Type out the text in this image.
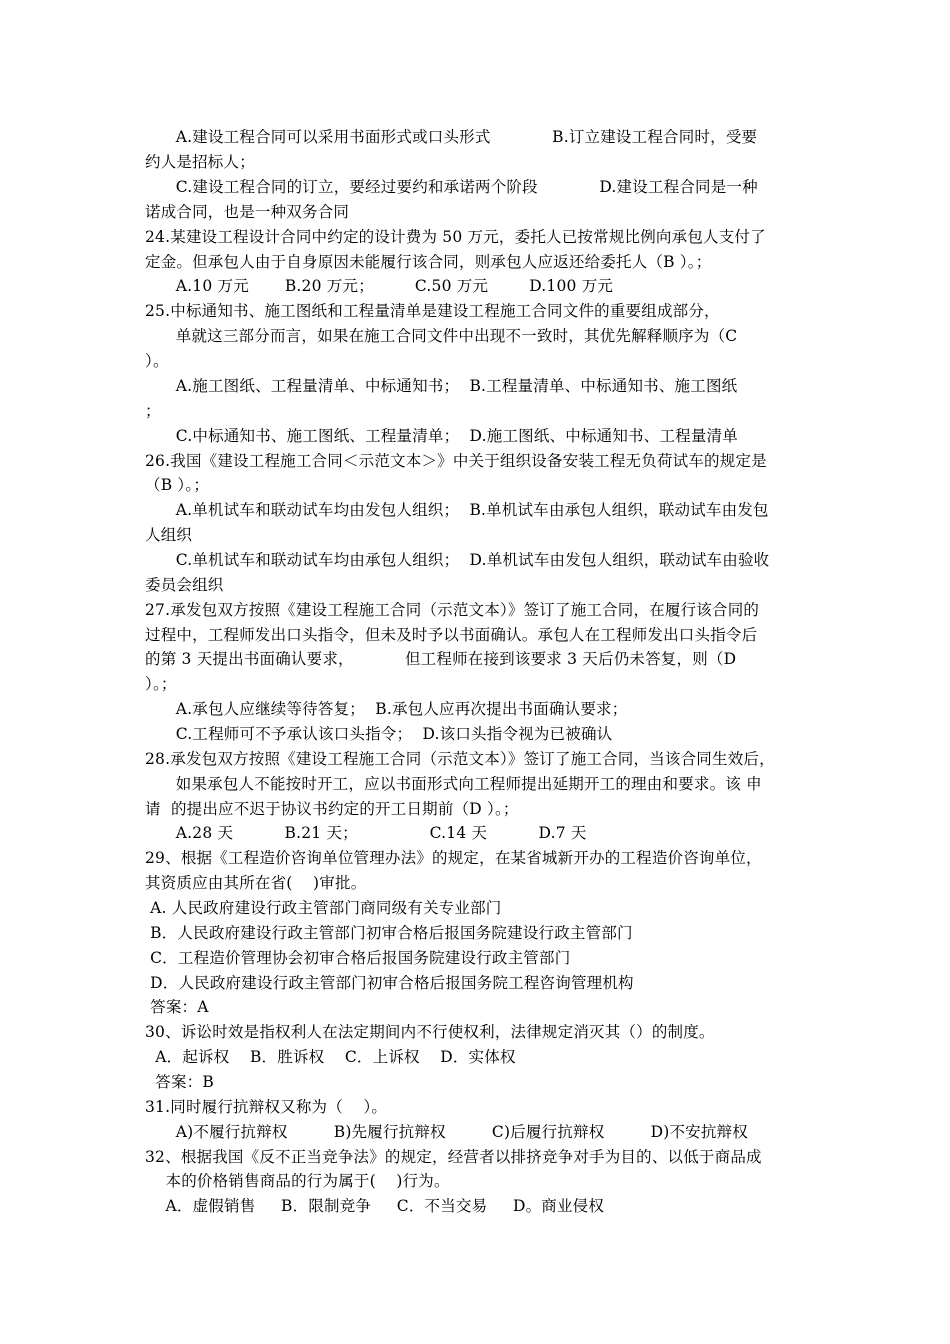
A.建设工程合同可以采用书面形式或口头形式            B.订立建设工程合同时，受要
约人是招标人；
C.建设工程合同的订立，要经过要约和承诺两个阶段            D.建设工程合同是一种
诺成合同，也是一种双务合同
24.某建设工程设计合同中约定的设计费为 50 万元，委托人已按常规比例向承包人支付了
定金。但承包人由于自身原因未能履行该合同，则承包人应返还给委托人（B ）。；
A.10 万元       B.20 万元；        C.50 万元        D.100 万元
25.中标通知书、施工图纸和工程量清单是建设工程施工合同文件的重要组成部分，
单就这三部分而言，如果在施工合同文件中出现不一致时，其优先解释顺序为（C
）。
A.施工图纸、工程量清单、中标通知书；  B.工程量清单、中标通知书、施工图纸
；
C.中标通知书、施工图纸、工程量清单；  D.施工图纸、中标通知书、工程量清单
26.我国《建设工程施工合同＜示范文本＞》中关于组织设备安装工程无负荷试车的规定是
（B ）。；
A.单机试车和联动试车均由发包人组织；  B.单机试车由承包人组织，联动试车由发包
人组织
C.单机试车和联动试车均由承包人组织；  D.单机试车由发包人组织，联动试车由验收
委员会组织
27.承发包双方按照《建设工程施工合同（示范文本）》签订了施工合同，在履行该合同的
过程中，工程师发出口头指令，但未及时予以书面确认。承包人在工程师发出口头指令后
的第 3 天提出书面确认要求，          但工程师在接到该要求 3 天后仍未答复，则（D
）。；
A.承包人应继续等待答复；  B.承包人应再次提出书面确认要求；
C.工程师可不予承认该口头指令；  D.该口头指令视为已被确认
28.承发包双方按照《建设工程施工合同（示范文本）》签订了施工合同，当该合同生效后，
如果承包人不能按时开工，应以书面形式向工程师提出延期开工的理由和要求。该 申
请  的提出应不迟于协议书约定的开工日期前（D ）。；
A.28 天          B.21 天；              C.14 天          D.7 天
29、根据《工程造价咨询单位管理办法》的规定，在某省城新开办的工程造价咨询单位，
其资质应由其所在省(    )审批。
A. 人民政府建设行政主管部门商同级有关专业部门
B．人民政府建设行政主管部门初审合格后报国务院建设行政主管部门
C．工程造价管理协会初审合格后报国务院建设行政主管部门
D．人民政府建设行政主管部门初审合格后报国务院工程咨询管理机构
答案：A
30、诉讼时效是指权利人在法定期间内不行使权利，法律规定消灭其（）的制度。
A．起诉权    B．胜诉权    C．上诉权    D．实体权
答案：B
31.同时履行抗辩权又称为（    ）。
A)不履行抗辩权         B)先履行抗辩权         C)后履行抗辩权         D)不安抗辩权
32、根据我国《反不正当竞争法》的规定，经营者以排挤竞争对手为目的、以低于商品成
本的价格销售商品的行为属于(    )行为。
A．虚假销售     B．限制竞争     C．不当交易     D。商业侵权
